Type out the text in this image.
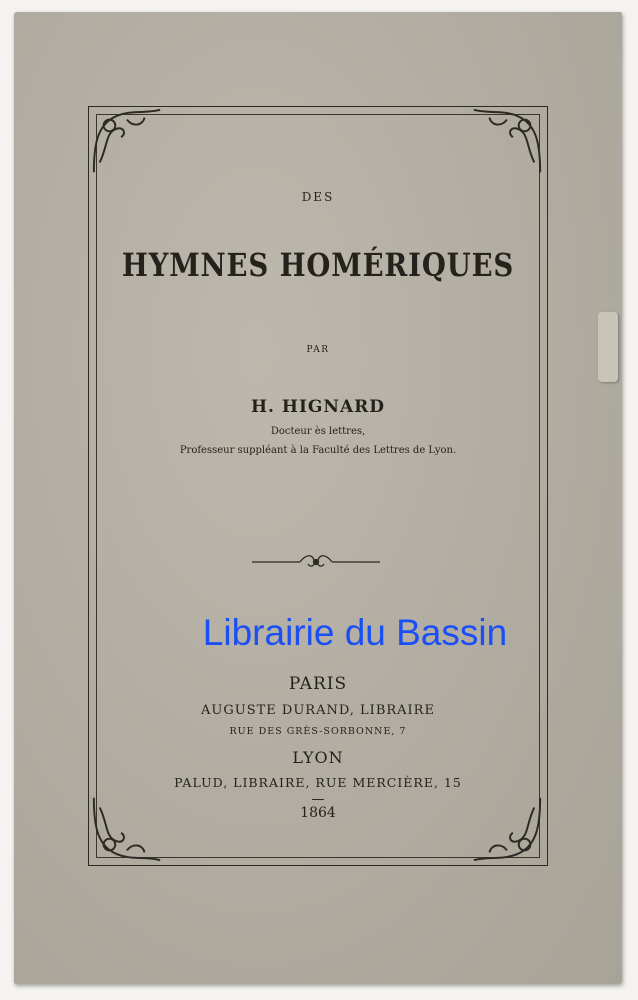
DES

HYMNES HOMÉRIQUES

PAR

H. HIGNARD

Docteur ès lettres,

Professeur suppléant à la Faculté des Lettres de Lyon.

Librairie du Bassin

PARIS

AUGUSTE DURAND, LIBRAIRE

RUE DES GRÈS-SORBONNE, 7

LYON

PALUD, LIBRAIRE, RUE MERCIÈRE, 15

1864
